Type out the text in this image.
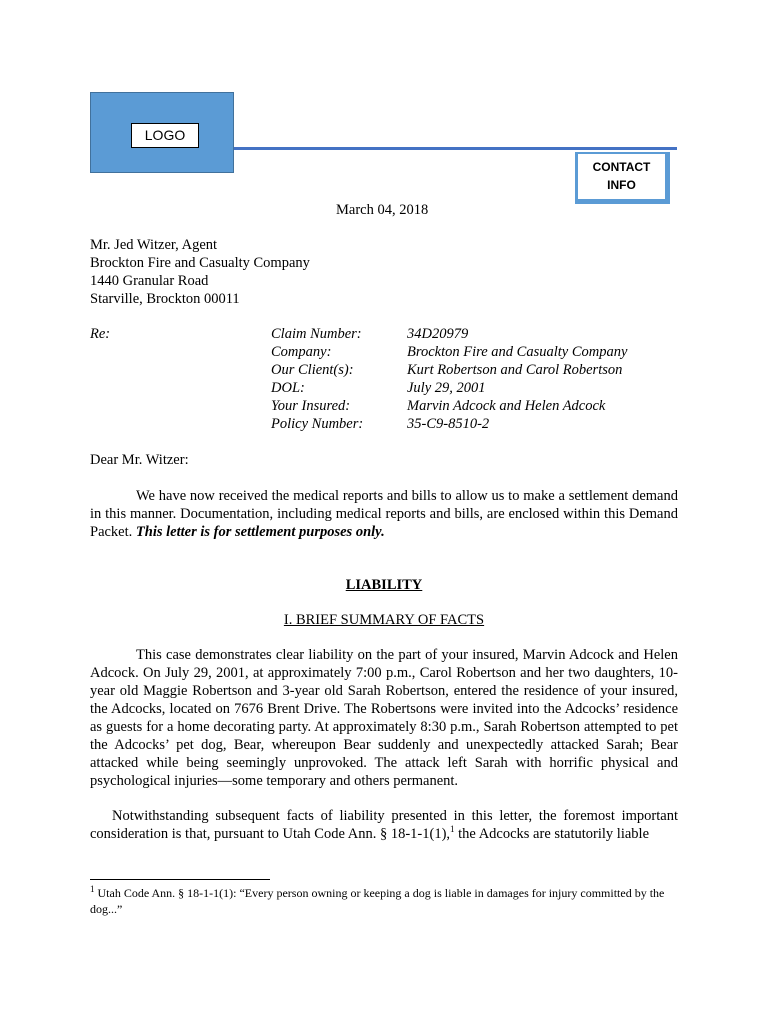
LOGO
CONTACT
INFO
March 04, 2018
Mr. Jed Witzer, Agent
Brockton Fire and Casualty Company
1440 Granular Road
Starville, Brockton 00011
Re:	Claim Number:	34D20979
Company:	Brockton Fire and Casualty Company
Our Client(s):	Kurt Robertson and Carol Robertson
DOL:	July 29, 2001
Your Insured:	Marvin Adcock and Helen Adcock
Policy Number:	35-C9-8510-2
Dear Mr. Witzer:
We have now received the medical reports and bills to allow us to make a settlement demand in this manner. Documentation, including medical reports and bills, are enclosed within this Demand Packet. This letter is for settlement purposes only.
LIABILITY
I. BRIEF SUMMARY OF FACTS
This case demonstrates clear liability on the part of your insured, Marvin Adcock and Helen Adcock. On July 29, 2001, at approximately 7:00 p.m., Carol Robertson and her two daughters, 10-year old Maggie Robertson and 3-year old Sarah Robertson, entered the residence of your insured, the Adcocks, located on 7676 Brent Drive. The Robertsons were invited into the Adcocks’ residence as guests for a home decorating party. At approximately 8:30 p.m., Sarah Robertson attempted to pet the Adcocks’ pet dog, Bear, whereupon Bear suddenly and unexpectedly attacked Sarah; Bear attacked while being seemingly unprovoked. The attack left Sarah with horrific physical and psychological injuries—some temporary and others permanent.
Notwithstanding subsequent facts of liability presented in this letter, the foremost important consideration is that, pursuant to Utah Code Ann. § 18-1-1(1),$^1$ the Adcocks are statutorily liable
$^1$ Utah Code Ann. § 18-1-1(1): “Every person owning or keeping a dog is liable in damages for injury committed by the dog...”
